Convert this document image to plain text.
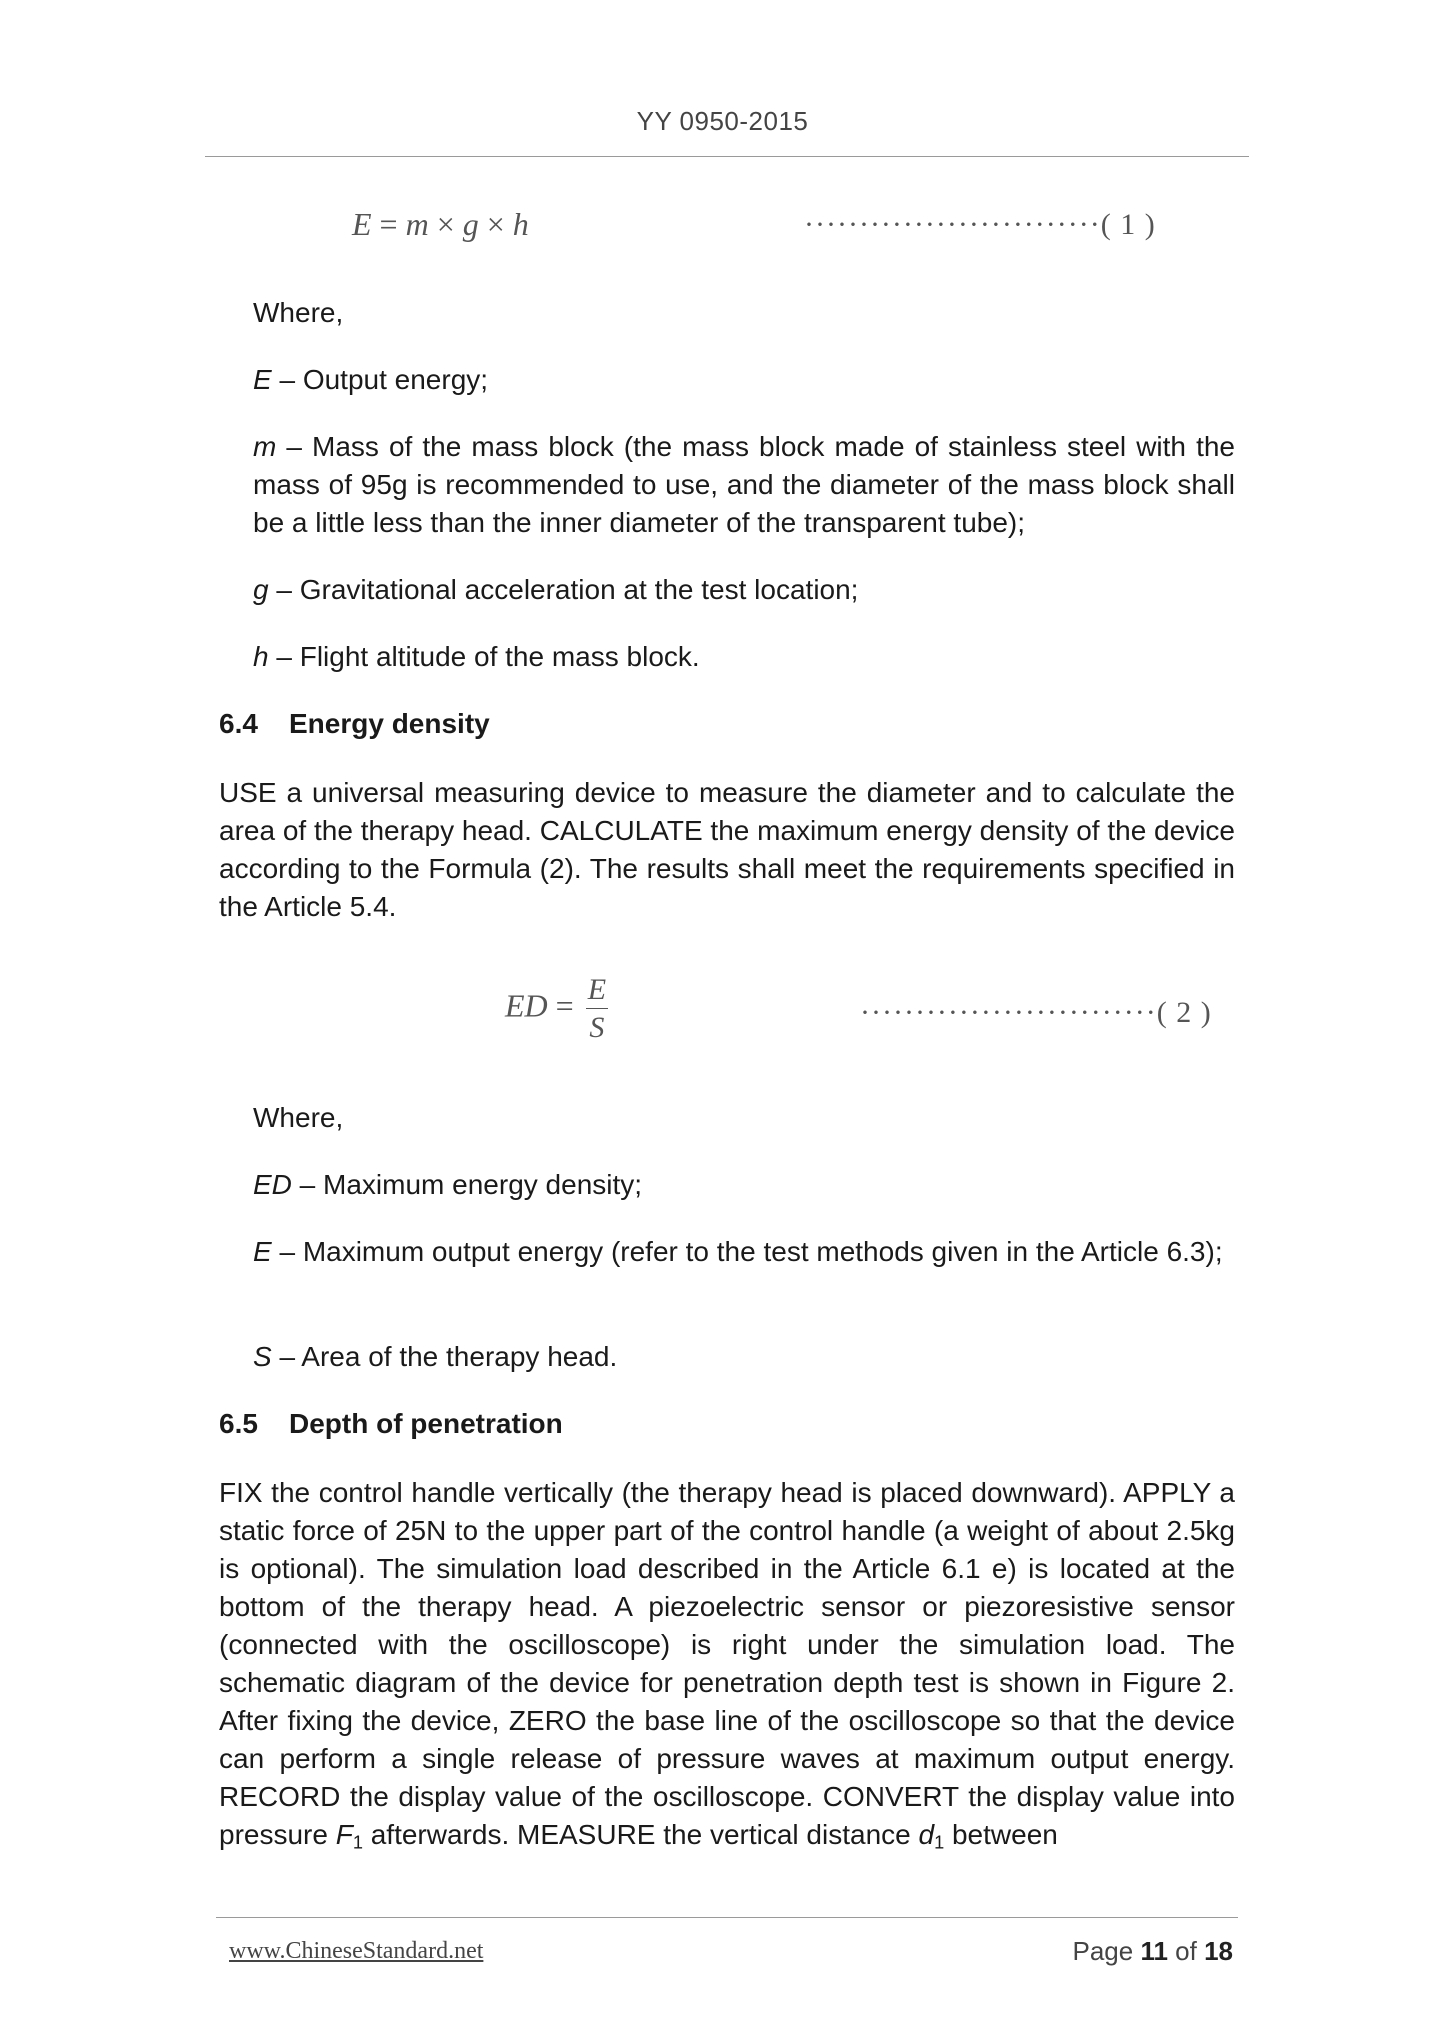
YY 0950-2015
E = m × g × h	···························( 1 )
Where,
E – Output energy;
m – Mass of the mass block (the mass block made of stainless steel with the mass of 95g is recommended to use, and the diameter of the mass block shall be a little less than the inner diameter of the transparent tube);
g – Gravitational acceleration at the test location;
h – Flight altitude of the mass block.
6.4 Energy density
USE a universal measuring device to measure the diameter and to calculate the area of the therapy head. CALCULATE the maximum energy density of the device according to the Formula (2). The results shall meet the requirements specified in the Article 5.4.
ED = $\frac{E}{S}$	···························( 2 )
Where,
ED – Maximum energy density;
E – Maximum output energy (refer to the test methods given in the Article 6.3);
S – Area of the therapy head.
6.5 Depth of penetration
FIX the control handle vertically (the therapy head is placed downward). APPLY a static force of 25N to the upper part of the control handle (a weight of about 2.5kg is optional). The simulation load described in the Article 6.1 e) is located at the bottom of the therapy head. A piezoelectric sensor or piezoresistive sensor (connected with the oscilloscope) is right under the simulation load. The schematic diagram of the device for penetration depth test is shown in Figure 2. After fixing the device, ZERO the base line of the oscilloscope so that the device can perform a single release of pressure waves at maximum output energy. RECORD the display value of the oscilloscope. CONVERT the display value into pressure $F_1$ afterwards. MEASURE the vertical distance $d_1$ between
www.ChineseStandard.net	Page 11 of 18
